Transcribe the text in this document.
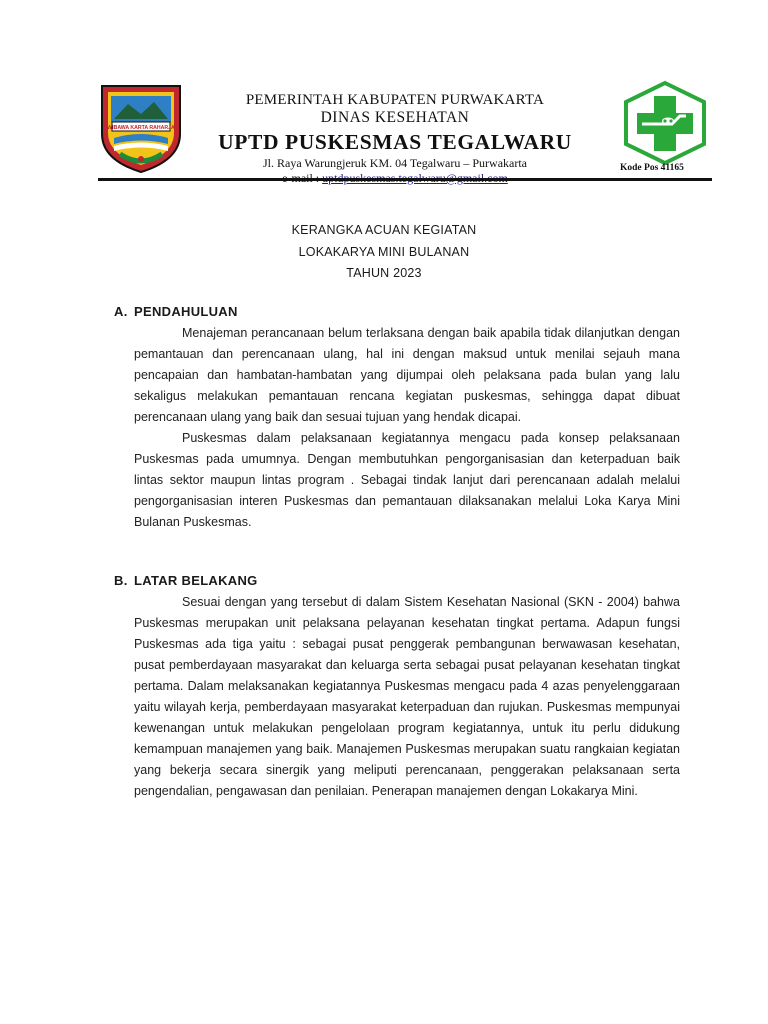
WIBAWA KARTA RAHARJA
PEMERINTAH KABUPATEN PURWAKARTA
DINAS KESEHATAN
UPTD PUSKESMAS TEGALWARU
Jl. Raya Warungjeruk KM. 04 Tegalwaru – Purwakarta	Kode Pos 41165
KERANGKA ACUAN KEGIATAN
LOKAKARYA MINI BULANAN
TAHUN 2023
A. PENDAHULUAN

Menajeman perancanaan belum terlaksana dengan baik apabila tidak dilanjutkan dengan pemantauan dan perencanaan ulang, hal ini dengan maksud untuk menilai sejauh mana pencapaian dan hambatan-hambatan yang dijumpai oleh pelaksana pada bulan yang lalu sekaligus melakukan pemantauan rencana kegiatan puskesmas, sehingga dapat dibuat perencanaan ulang yang baik dan sesuai tujuan yang hendak dicapai.

Puskesmas dalam pelaksanaan kegiatannya mengacu pada konsep pelaksanaan Puskesmas pada umumnya. Dengan membutuhkan pengorganisasian dan keterpaduan baik lintas sektor maupun lintas program . Sebagai tindak lanjut dari perencanaan adalah melalui pengorganisasian interen Puskesmas dan pemantauan dilaksanakan melalui Loka Karya Mini Bulanan Puskesmas.

B. LATAR BELAKANG

Sesuai dengan yang tersebut di dalam Sistem Kesehatan Nasional (SKN - 2004) bahwa Puskesmas merupakan unit pelaksana pelayanan kesehatan tingkat pertama. Adapun fungsi Puskesmas ada tiga yaitu : sebagai pusat penggerak pembangunan berwawasan kesehatan, pusat pemberdayaan masyarakat dan keluarga serta sebagai pusat pelayanan kesehatan tingkat pertama. Dalam melaksanakan kegiatannya Puskesmas mengacu pada 4 azas penyelenggaraan yaitu wilayah kerja, pemberdayaan masyarakat keterpaduan dan rujukan. Puskesmas mempunyai kewenangan untuk melakukan pengelolaan program kegiatannya, untuk itu perlu didukung kemampuan manajemen yang baik. Manajemen Puskesmas merupakan suatu rangkaian kegiatan yang bekerja secara sinergik yang meliputi perencanaan, penggerakan pelaksanaan serta pengendalian, pengawasan dan penilaian. Penerapan manajemen dengan Lokakarya Mini.
